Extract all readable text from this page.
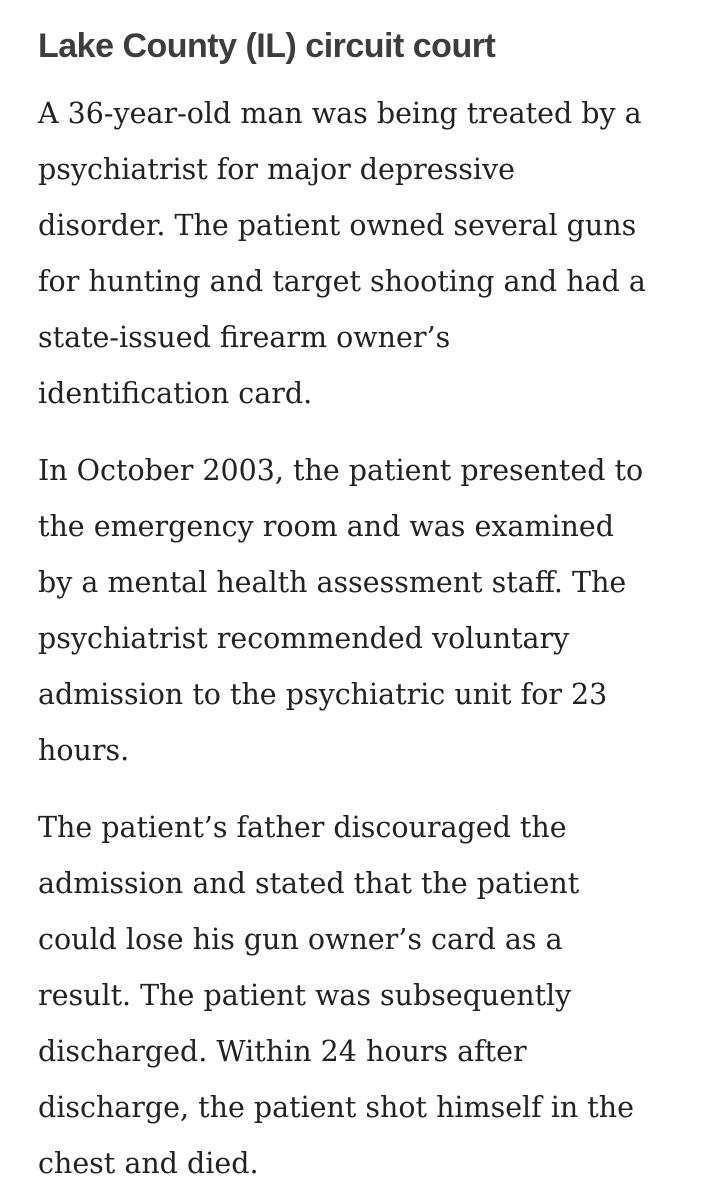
Lake County (IL) circuit court

A 36-year-old man was being treated by a
psychiatrist for major depressive
disorder. The patient owned several guns
for hunting and target shooting and had a
state-issued firearm owner’s
identification card.

In October 2003, the patient presented to
the emergency room and was examined
by a mental health assessment staff. The
psychiatrist recommended voluntary
admission to the psychiatric unit for 23
hours.

The patient’s father discouraged the
admission and stated that the patient
could lose his gun owner’s card as a
result. The patient was subsequently
discharged. Within 24 hours after
discharge, the patient shot himself in the
chest and died.
